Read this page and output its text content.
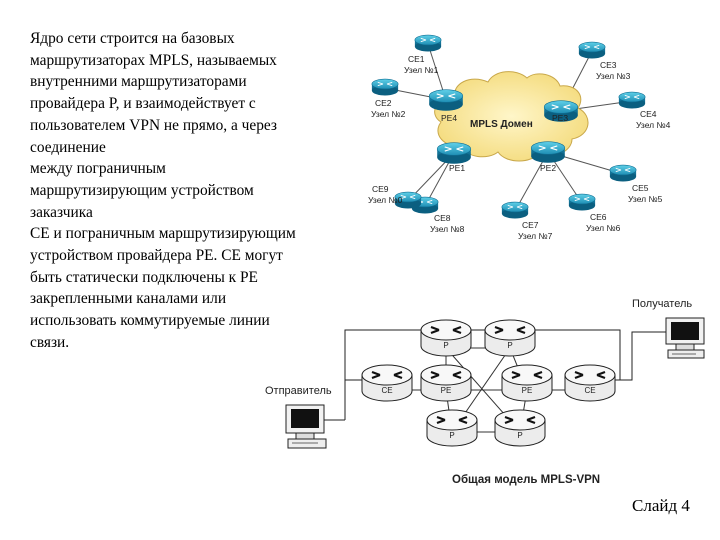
Ядро сети строится на базовых
маршрутизаторах MPLS, называемых
внутренними маршрутизаторами
провайдера P, и взаимодействует с
пользователем VPN не прямо, а через
соединение
между пограничным
маршрутизирующим устройством
заказчика
CE и пограничным маршрутизирующим
устройством провайдера PE. CE могут
быть статически подключены к PE
закрепленными каналами или
использовать коммутируемые линии
связи.
Слайд 4
MPLS Домен
PE4	PE3
PE1	PE2
CE1
Узел №1
CE2
Узел №2
CE3
Узел №3
CE4
Узел №4
CE5
Узел №5
CE6
Узел №6
CE7
Узел №7
CE8
Узел №8
CE9
Узел №0
P	P
CE	PE	PE	CE
P	P
Получатель
Отправитель
Общая модель MPLS-VPN
